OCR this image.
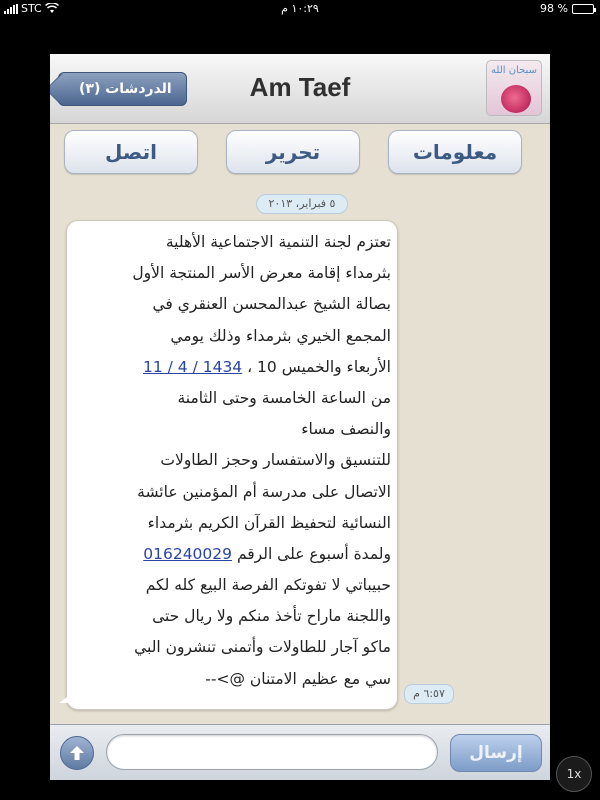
STC	١٠:٢٩ م	98 %
الدردشات (٣)	Am Taef
سبحان الله
اتصل	تحرير	معلومات
٥ فبراير، ٢٠١٣
تعتزم لجنة التنمية الاجتماعية الأهلية
بثرمداء إقامة معرض الأسر المنتجة الأول
بصالة الشيخ عبدالمحسن العنقري في
المجمع الخيري بثرمداء وذلك يومي
الأربعاء والخميس 10 ، 11 / 4 / 1434
من الساعة الخامسة وحتى الثامنة
والنصف مساء
للتنسيق والاستفسار وحجز الطاولات
الاتصال على مدرسة أم المؤمنين عائشة
النسائية لتحفيظ القرآن الكريم بثرمداء
ولمدة أسبوع على الرقم 016240029
حبيباتي لا تفوتكم الفرصة البيع كله لكم
واللجنة ماراح تأخذ منكم ولا ريال حتى
ماكو آجار للطاولات وأتمنى تنشرون البي
سي مع عظيم الامتنان @>--
٦:٥٧ م
إرسال
1x
